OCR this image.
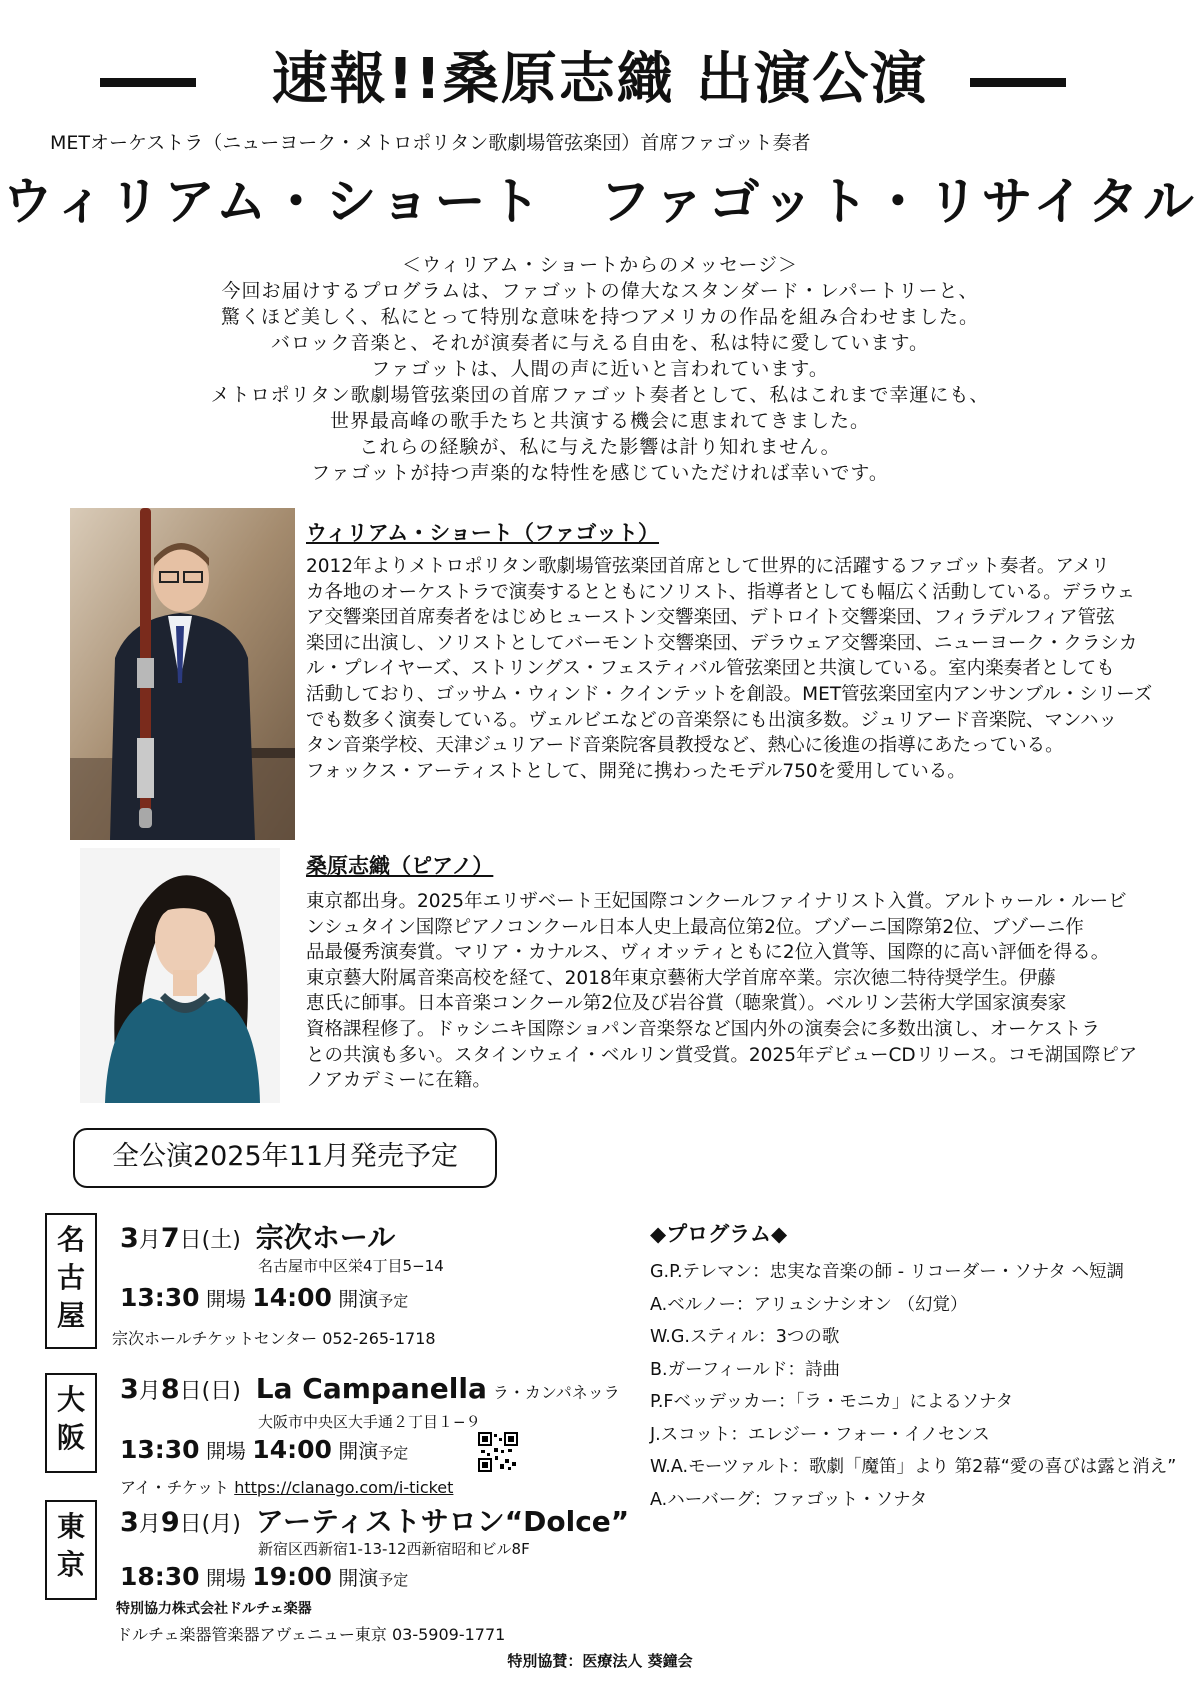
速報!!桑原志織 出演公演
METオーケストラ（ニューヨーク・メトロポリタン歌劇場管弦楽団）首席ファゴット奏者
ウィリアム・ショート　ファゴット・リサイタル
＜ウィリアム・ショートからのメッセージ＞
今回お届けするプログラムは、ファゴットの偉大なスタンダード・レパートリーと、
驚くほど美しく、私にとって特別な意味を持つアメリカの作品を組み合わせました。
バロック音楽と、それが演奏者に与える自由を、私は特に愛しています。
ファゴットは、人間の声に近いと言われています。
メトロポリタン歌劇場管弦楽団の首席ファゴット奏者として、私はこれまで幸運にも、
世界最高峰の歌手たちと共演する機会に恵まれてきました。
これらの経験が、私に与えた影響は計り知れません。
ファゴットが持つ声楽的な特性を感じていただければ幸いです。
ウィリアム・ショート（ファゴット）
2012年よりメトロポリタン歌劇場管弦楽団首席として世界的に活躍するファゴット奏者。アメリ
カ各地のオーケストラで演奏するとともにソリスト、指導者としても幅広く活動している。デラウェ
ア交響楽団首席奏者をはじめヒューストン交響楽団、デトロイト交響楽団、フィラデルフィア管弦
楽団に出演し、ソリストとしてバーモント交響楽団、デラウェア交響楽団、ニューヨーク・クラシカ
ル・プレイヤーズ、ストリングス・フェスティバル管弦楽団と共演している。室内楽奏者としても
活動しており、ゴッサム・ウィンド・クインテットを創設。MET管弦楽団室内アンサンブル・シリーズ
でも数多く演奏している。ヴェルビエなどの音楽祭にも出演多数。ジュリアード音楽院、マンハッ
タン音楽学校、天津ジュリアード音楽院客員教授など、熱心に後進の指導にあたっている。
フォックス・アーティストとして、開発に携わったモデル750を愛用している。
桑原志織（ピアノ）
東京都出身。2025年エリザベート王妃国際コンクールファイナリスト入賞。アルトゥール・ルービ
ンシュタイン国際ピアノコンクール日本人史上最高位第2位。ブゾーニ国際第2位、ブゾーニ作
品最優秀演奏賞。マリア・カナルス、ヴィオッティともに2位入賞等、国際的に高い評価を得る。
東京藝大附属音楽高校を経て、2018年東京藝術大学首席卒業。宗次徳二特待奨学生。伊藤
恵氏に師事。日本音楽コンクール第2位及び岩谷賞（聴衆賞）。ベルリン芸術大学国家演奏家
資格課程修了。ドゥシニキ国際ショパン音楽祭など国内外の演奏会に多数出演し、オーケストラ
との共演も多い。スタインウェイ・ベルリン賞受賞。2025年デビューCDリリース。コモ湖国際ピア
ノアカデミーに在籍。
全公演2025年11月発売予定
名
古
屋
3月7日(土) 宗次ホール
名古屋市中区栄4丁目5−14
13:30 開場 14:00 開演予定
宗次ホールチケットセンター 052-265-1718
大
阪
3月8日(日) La Campanella ラ・カンパネッラ
大阪市中央区大手通２丁目１−９
13:30 開場 14:00 開演予定
アイ・チケット https://clanago.com/i-ticket
東
京
3月9日(月) アーティストサロン“Dolce”
新宿区西新宿1-13-12西新宿昭和ビル8F
18:30 開場 19:00 開演予定
特別協力株式会社ドルチェ楽器
ドルチェ楽器管楽器アヴェニュー東京 03-5909-1771
◆プログラム◆
G.P.テレマン：忠実な音楽の師 - リコーダー・ソナタ ヘ短調
A.ベルノー：アリュシナシオン （幻覚）
W.G.スティル：3つの歌
B.ガーフィールド：詩曲
P.Fベッデッカー：「ラ・モニカ」によるソナタ
J.スコット：エレジー・フォー・イノセンス
W.A.モーツァルト：歌劇「魔笛」より 第2幕“愛の喜びは露と消え”
A.ハーバーグ：ファゴット・ソナタ
特別協賛：医療法人 葵鐘会
